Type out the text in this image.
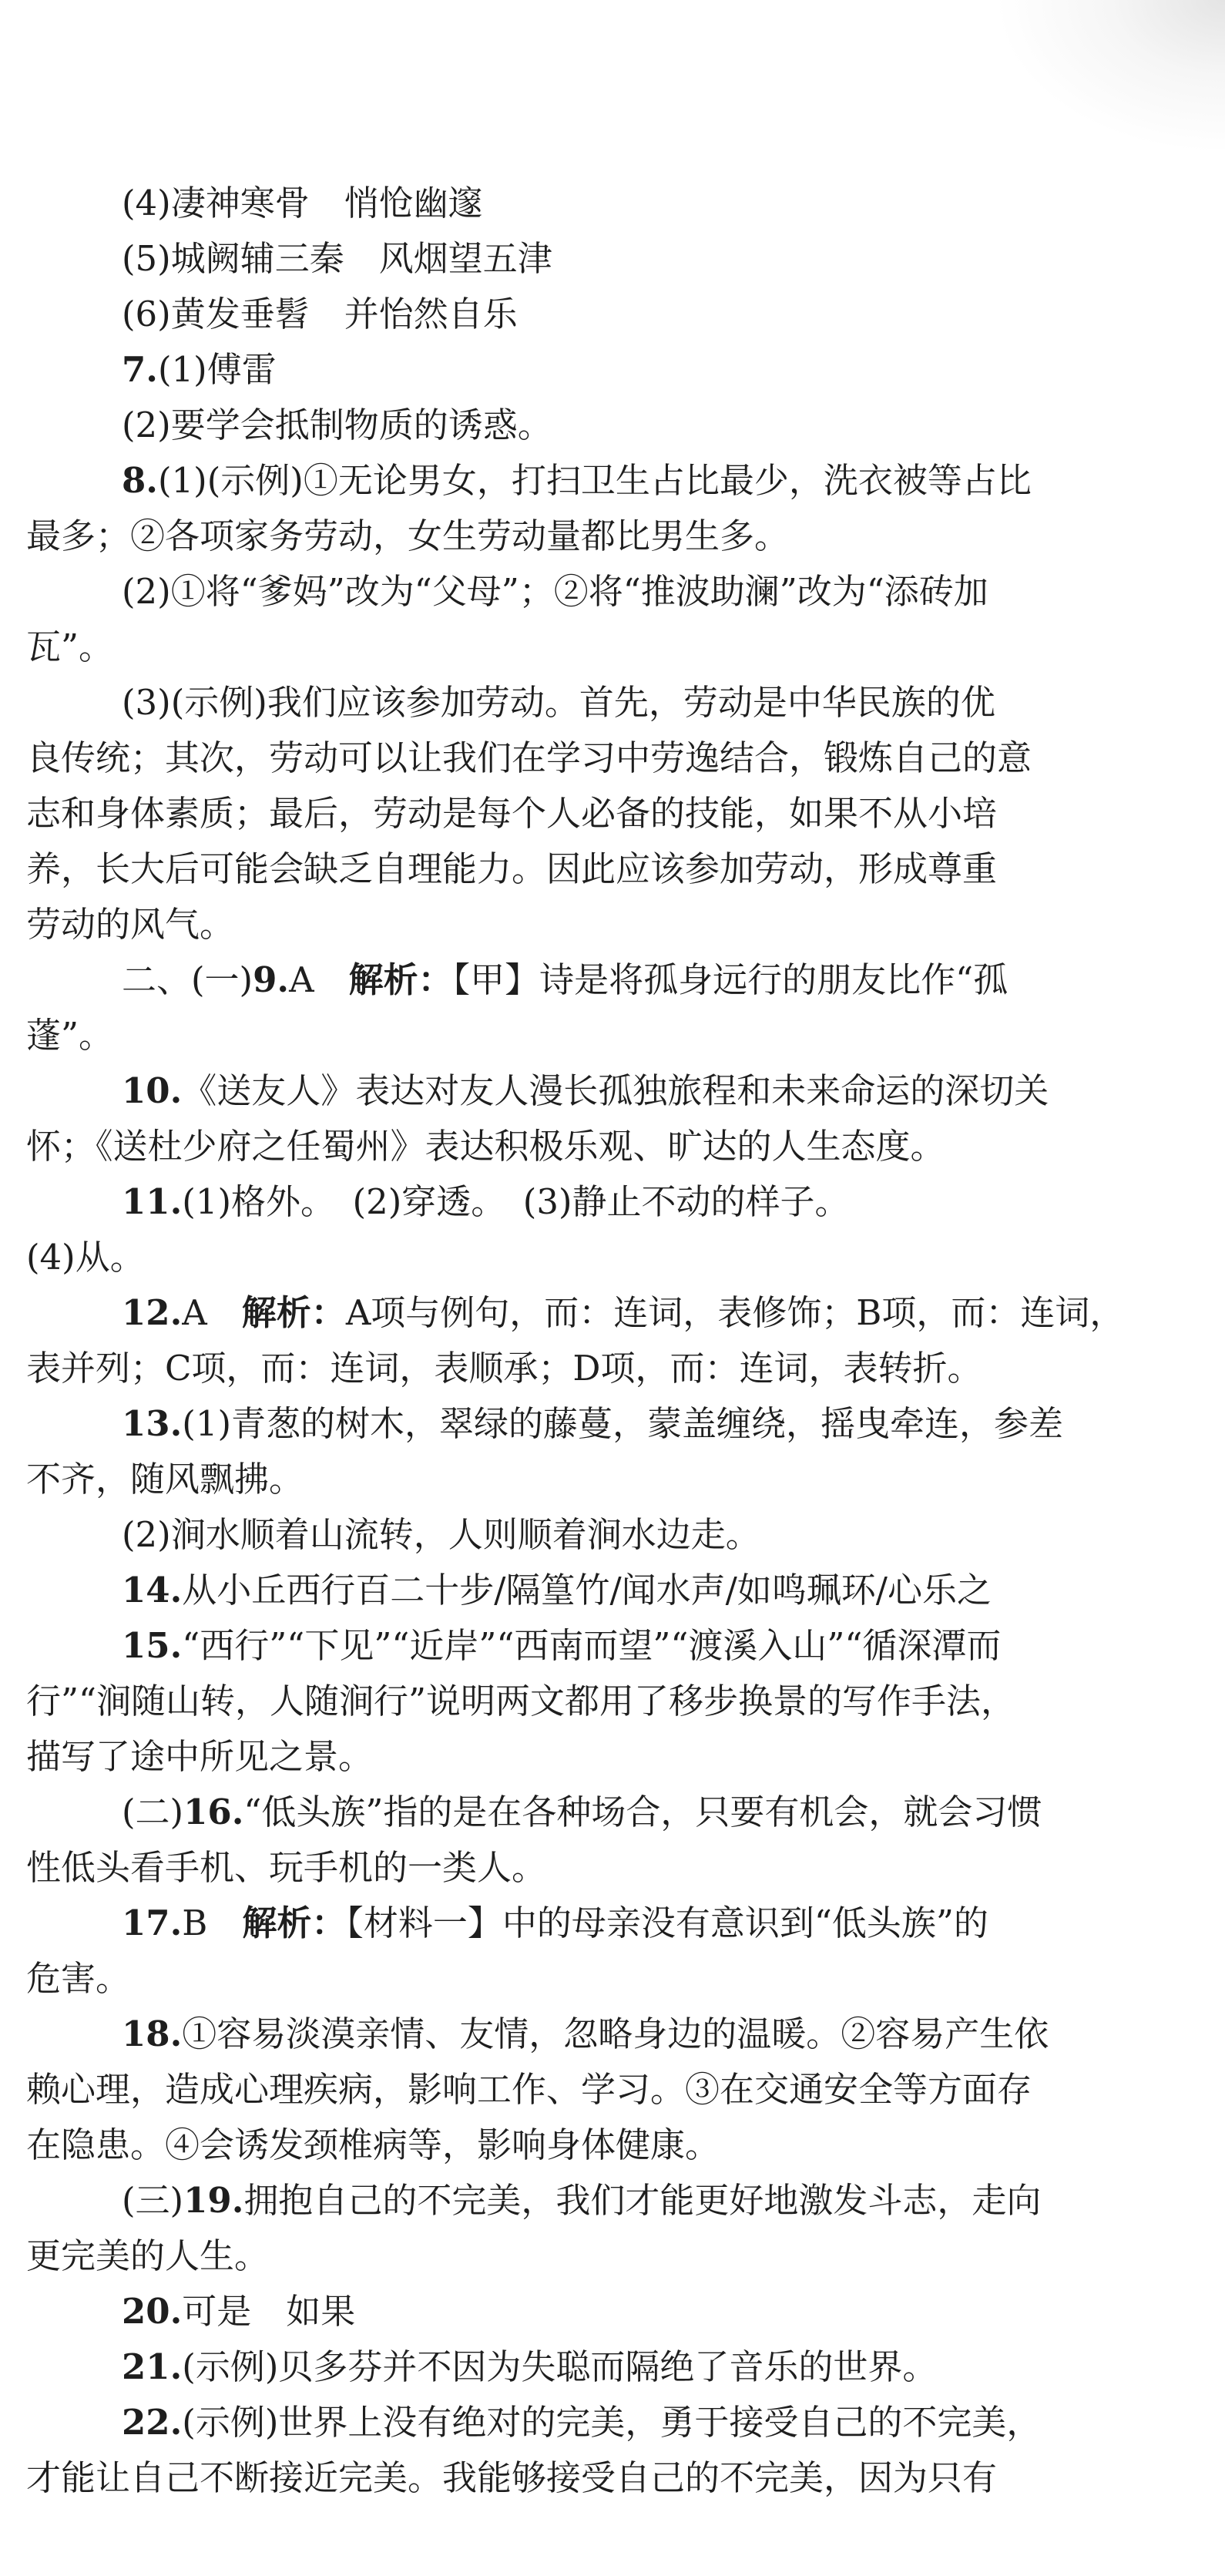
(4)凄神寒骨　悄怆幽邃
(5)城阙辅三秦　风烟望五津
(6)黄发垂髫　并怡然自乐
7.(1)傅雷
(2)要学会抵制物质的诱惑。
8.(1)(示例)①无论男女，打扫卫生占比最少，洗衣被等占比
最多；②各项家务劳动，女生劳动量都比男生多。
(2)①将“爹妈”改为“父母”；②将“推波助澜”改为“添砖加
瓦”。
(3)(示例)我们应该参加劳动。首先，劳动是中华民族的优
良传统；其次，劳动可以让我们在学习中劳逸结合，锻炼自己的意
志和身体素质；最后，劳动是每个人必备的技能，如果不从小培
养，长大后可能会缺乏自理能力。因此应该参加劳动，形成尊重
劳动的风气。
二、(一)9.A　解析：【甲】诗是将孤身远行的朋友比作“孤
蓬”。
10.《送友人》表达对友人漫长孤独旅程和未来命运的深切关
怀；《送杜少府之任蜀州》表达积极乐观、旷达的人生态度。
11.(1)格外。　(2)穿透。　(3)静止不动的样子。
(4)从。
12.A　解析：A项与例句，而：连词，表修饰；B项，而：连词，
表并列；C项，而：连词，表顺承；D项，而：连词，表转折。
13.(1)青葱的树木，翠绿的藤蔓，蒙盖缠绕，摇曳牵连，参差
不齐，随风飘拂。
(2)涧水顺着山流转，人则顺着涧水边走。
14.从小丘西行百二十步/隔篁竹/闻水声/如鸣珮环/心乐之
15.“西行”“下见”“近岸”“西南而望”“渡溪入山”“循深潭而
行”“涧随山转，人随涧行”说明两文都用了移步换景的写作手法，
描写了途中所见之景。
(二)16.“低头族”指的是在各种场合，只要有机会，就会习惯
性低头看手机、玩手机的一类人。
17.B　解析：【材料一】中的母亲没有意识到“低头族”的
危害。
18.①容易淡漠亲情、友情，忽略身边的温暖。②容易产生依
赖心理，造成心理疾病，影响工作、学习。③在交通安全等方面存
在隐患。④会诱发颈椎病等，影响身体健康。
(三)19.拥抱自己的不完美，我们才能更好地激发斗志，走向
更完美的人生。
20.可是　如果
21.(示例)贝多芬并不因为失聪而隔绝了音乐的世界。
22.(示例)世界上没有绝对的完美，勇于接受自己的不完美，
才能让自己不断接近完美。我能够接受自己的不完美，因为只有
